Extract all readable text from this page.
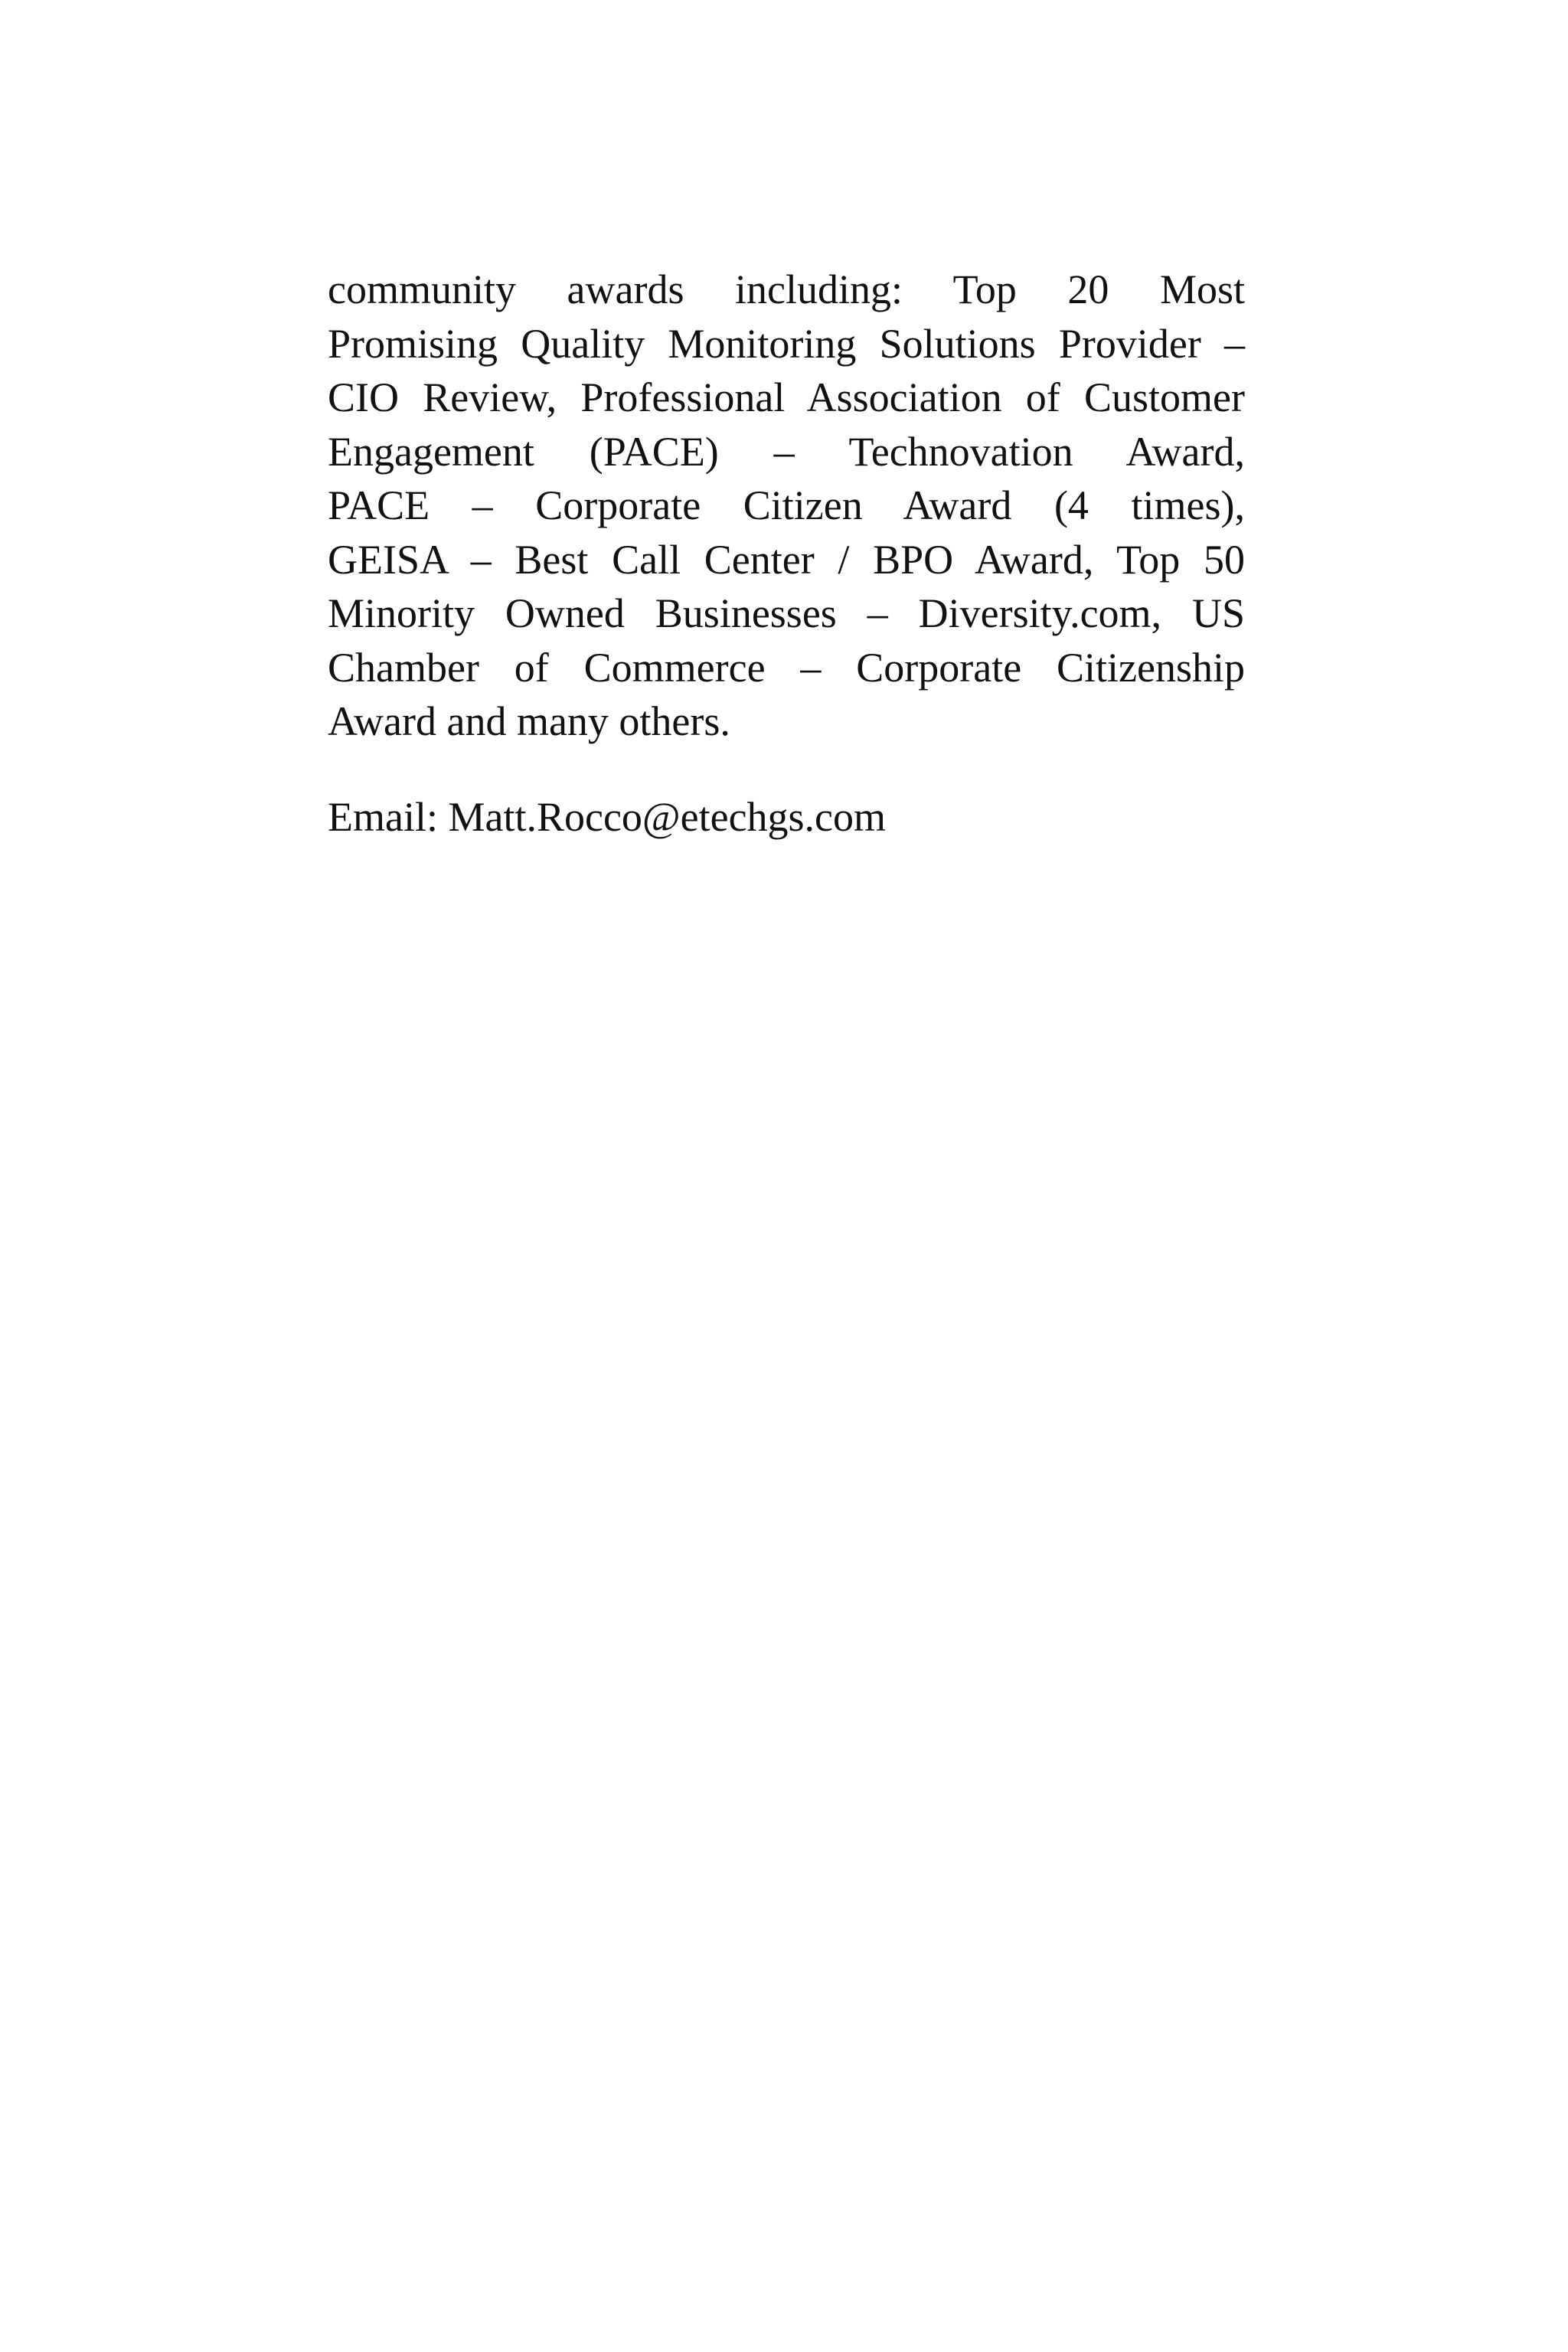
community awards including: Top 20 Most
Promising Quality Monitoring Solutions Provider –
CIO Review, Professional Association of Customer
Engagement (PACE) – Technovation Award,
PACE – Corporate Citizen Award (4 times),
GEISA – Best Call Center / BPO Award, Top 50
Minority Owned Businesses – Diversity.com, US
Chamber of Commerce – Corporate Citizenship
Award and many others.
Email: Matt.Rocco@etechgs.com
